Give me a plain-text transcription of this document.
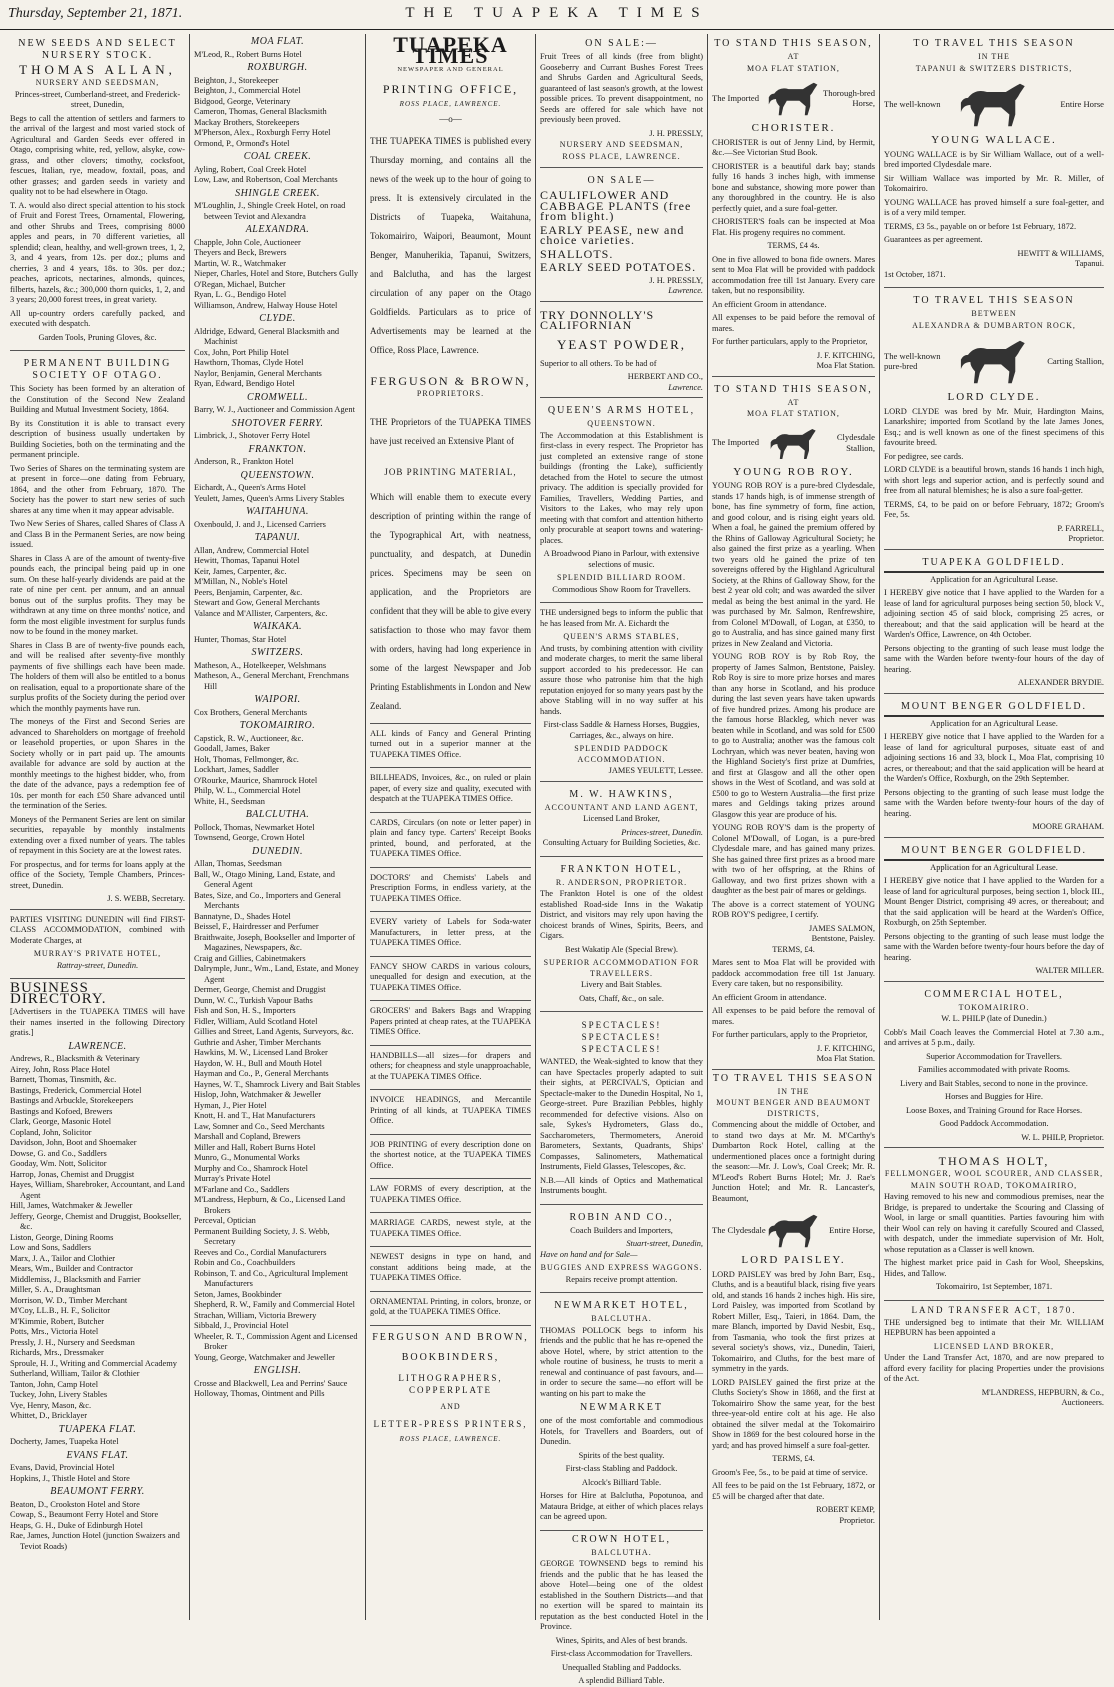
Thursday, September 21, 1871.	THE TUAPEKA TIMES
NEW SEEDS AND SELECT NURSERY STOCK.
THOMAS ALLAN,
NURSERY AND SEEDSMAN,

Princes-street, Cumberland-street, and Frederick-street, Dunedin,

Begs to call the attention of settlers and farmers to the arrival of the largest and most varied stock of Agricultural and Garden Seeds ever offered in Otago, comprising white, red, yellow, alsyke, cow-grass, and other clovers; timothy, cocksfoot, fescues, Italian, rye, meadow, foxtail, poas, and other grasses; and garden seeds in variety and quality not to be had elsewhere in Otago.

T. A. would also direct special attention to his stock of Fruit and Forest Trees, Ornamental, Flowering, and other Shrubs and Trees, comprising 8000 apples and pears, in 70 different varieties, all splendid; clean, healthy, and well-grown trees, 1, 2, 3, and 4 years, from 12s. per doz.; plums and cherries, 3 and 4 years, 18s. to 30s. per doz.; peaches, apricots, nectarines, almonds, quinces, filberts, hazels, &c.; 300,000 thorn quicks, 1, 2, and 3 years; 20,000 forest trees, in great variety.

All up-country orders carefully packed, and executed with despatch.

Garden Tools, Pruning Gloves, &c.

PERMANENT BUILDING SOCIETY OF OTAGO.

This Society has been formed by an alteration of the Constitution of the Second New Zealand Building and Mutual Investment Society, 1864.

By its Constitution it is able to transact every description of business usually undertaken by Building Societies, both on the terminating and the permanent principle.

Two Series of Shares on the terminating system are at present in force—one dating from February, 1864, and the other from February, 1870. The Society has the power to start new series of such shares at any time when it may appear advisable.

Two New Series of Shares, called Shares of Class A and Class B in the Permanent Series, are now being issued.

Shares in Class A are of the amount of twenty-five pounds each, the principal being paid up in one sum. On these half-yearly dividends are paid at the rate of nine per cent. per annum, and an annual bonus out of the surplus profits. They may be withdrawn at any time on three months' notice, and form the most eligible investment for surplus funds now to be found in the money market.

Shares in Class B are of twenty-five pounds each, and will be realised after seventy-five monthly payments of five shillings each have been made. The holders of them will also be entitled to a bonus on realisation, equal to a proportionate share of the surplus profits of the Society during the period over which the monthly payments have run.

The moneys of the First and Second Series are advanced to Shareholders on mortgage of freehold or leasehold properties, or upon Shares in the Society wholly or in part paid up. The amounts available for advance are sold by auction at the monthly meetings to the highest bidder, who, from the date of the advance, pays a redemption fee of 10s. per month for each £50 Share advanced until the termination of the Series.

Moneys of the Permanent Series are lent on similar securities, repayable by monthly instalments extending over a fixed number of years. The tables of repayment in this Society are at the lowest rates.

For prospectus, and for terms for loans apply at the office of the Society, Temple Chambers, Princes-street, Dunedin.

J. S. WEBB, Secretary.

PARTIES VISITING DUNEDIN will find FIRST-CLASS ACCOMMODATION, combined with Moderate Charges, at

MURRAY'S PRIVATE HOTEL,

Rattray-street, Dunedin.

BUSINESS DIRECTORY.

[Advertisers in the TUAPEKA TIMES will have their names inserted in the following Directory gratis.]

LAWRENCE.

Andrews, R., Blacksmith & Veterinary

Airey, John, Ross Place Hotel

Barnett, Thomas, Tinsmith, &c.

Bastings, Frederick, Commercial Hotel

Bastings and Arbuckle, Storekeepers

Bastings and Kofoed, Brewers

Clark, George, Masonic Hotel

Copland, John, Solicitor

Davidson, John, Boot and Shoemaker

Dowse, G. and Co., Saddlers

Gooday, Wm. Nott, Solicitor

Harrop, Jonas, Chemist and Druggist

Hayes, William, Sharebroker, Accountant, and Land Agent

Hill, James, Watchmaker & Jeweller

Jeffery, George, Chemist and Druggist, Bookseller, &c.

Liston, George, Dining Rooms

Low and Sons, Saddlers

Marx, J. A., Tailor and Clothier

Mears, Wm., Builder and Contractor

Middlemiss, J., Blacksmith and Farrier

Miller, S. A., Draughtsman

Morrison, W. D., Timber Merchant

M'Coy, LL.B., H. F., Solicitor

M'Kimmie, Robert, Butcher

Potts, Mrs., Victoria Hotel

Pressly, J. H., Nursery and Seedsman

Richards, Mrs., Dressmaker

Sproule, H. J., Writing and Commercial Academy

Sutherland, William, Tailor & Clothier

Tanton, John, Camp Hotel

Tuckey, John, Livery Stables

Vye, Henry, Mason, &c.

Whittet, D., Bricklayer

TUAPEKA FLAT.

Docherty, James, Tuapeka Hotel

EVANS FLAT.

Evans, David, Provincial Hotel

Hopkins, J., Thistle Hotel and Store

BEAUMONT FERRY.

Beaton, D., Crookston Hotel and Store

Cowap, S., Beaumont Ferry Hotel and Store

Heaps, G. H., Duke of Edinburgh Hotel

Rae, James, Junction Hotel (junction Swaizers and Teviot Roads)

MOA FLAT.

M'Leod, R., Robert Burns Hotel

ROXBURGH.

Beighton, J., Storekeeper

Beighton, J., Commercial Hotel

Bidgood, George, Veterinary

Cameron, Thomas, General Blacksmith

Mackay Brothers, Storekeepers

M'Pherson, Alex., Roxburgh Ferry Hotel

Ormond, P., Ormond's Hotel

COAL CREEK.

Ayling, Robert, Coal Creek Hotel

Low, Law, and Robertson, Coal Merchants

SHINGLE CREEK.

M'Loughlin, J., Shingle Creek Hotel, on road between Teviot and Alexandra

ALEXANDRA.

Chapple, John Cole, Auctioneer

Theyers and Beck, Brewers

Martin, W. R., Watchmaker

Nieper, Charles, Hotel and Store, Butchers Gully

O'Regan, Michael, Butcher

Ryan, L. G., Bendigo Hotel

Williamson, Andrew, Halway House Hotel

CLYDE.

Aldridge, Edward, General Blacksmith and Machinist

Cox, John, Port Philip Hotel

Hawthorn, Thomas, Clyde Hotel

Naylor, Benjamin, General Merchants

Ryan, Edward, Bendigo Hotel

CROMWELL.

Barry, W. J., Auctioneer and Commission Agent

SHOTOVER FERRY.

Limbrick, J., Shotover Ferry Hotel

FRANKTON.

Anderson, R., Frankton Hotel

QUEENSTOWN.

Eichardt, A., Queen's Arms Hotel

Yeulett, James, Queen's Arms Livery Stables

WAITAHUNA.

Oxenbould, J. and J., Licensed Carriers

TAPANUI.

Allan, Andrew, Commercial Hotel

Hewitt, Thomas, Tapanui Hotel

Keir, James, Carpenter, &c.

M'Millan, N., Noble's Hotel

Peers, Benjamin, Carpenter, &c.

Stewart and Gow, General Merchants

Valance and M'Allister, Carpenters, &c.

WAIKAKA.

Hunter, Thomas, Star Hotel

SWITZERS.

Matheson, A., Hotelkeeper, Welshmans

Matheson, A., General Merchant, Frenchmans Hill

WAIPORI.

Cox Brothers, General Merchants

TOKOMAIRIRO.

Capstick, R. W., Auctioneer, &c.

Goodall, James, Baker

Holt, Thomas, Fellmonger, &c.

Lockhart, James, Saddler

O'Rourke, Maurice, Shamrock Hotel

Philp, W. L., Commercial Hotel

White, H., Seedsman

BALCLUTHA.

Pollock, Thomas, Newmarket Hotel

Townsend, George, Crown Hotel

DUNEDIN.

Allan, Thomas, Seedsman

Ball, W., Otago Mining, Land, Estate, and General Agent

Bates, Size, and Co., Importers and General Merchants

Bannatyne, D., Shades Hotel

Beissel, F., Hairdresser and Perfumer

Braithwaite, Joseph, Bookseller and Importer of Magazines, Newspapers, &c.

Craig and Gillies, Cabinetmakers

Dalrymple, Junr., Wm., Land, Estate, and Money Agent

Dermer, George, Chemist and Druggist

Dunn, W. C., Turkish Vapour Baths

Fish and Son, H. S., Importers

Fidler, William, Auld Scotland Hotel

Gillies and Street, Land Agents, Surveyors, &c.

Guthrie and Asher, Timber Merchants

Hawkins, M. W., Licensed Land Broker

Haydon, W. H., Bull and Mouth Hotel

Hayman and Co., P., General Merchants

Haynes, W. T., Shamrock Livery and Bait Stables

Hislop, John, Watchmaker & Jeweller

Hyman, J., Pier Hotel

Knott, H. and T., Hat Manufacturers

Law, Somner and Co., Seed Merchants

Marshall and Copland, Brewers

Miller and Hall, Robert Burns Hotel

Munro, G., Monumental Works

Murphy and Co., Shamrock Hotel

Murray's Private Hotel

M'Farlane and Co., Saddlers

M'Landress, Hepburn, & Co., Licensed Land Brokers

Perceval, Optician

Permanent Building Society, J. S. Webb, Secretary

Reeves and Co., Cordial Manufacturers

Robin and Co., Coachbuilders

Robinson, T. and Co., Agricultural Implement Manufacturers

Seton, James, Bookbinder

Shepherd, R. W., Family and Commercial Hotel

Strachan, William, Victoria Brewery

Sibbald, J., Provincial Hotel

Wheeler, R. T., Commission Agent and Licensed Broker

Young, George, Watchmaker and Jeweller

ENGLISH.

Crosse and Blackwell, Lea and Perrins' Sauce

Holloway, Thomas, Ointment and Pills

TUAPEKA TIMES
NEWSPAPER AND GENERAL
PRINTING OFFICE,
ROSS PLACE, LAWRENCE.
—o—

THE TUAPEKA TIMES is published every Thursday morning, and contains all the news of the week up to the hour of going to press. It is extensively circulated in the Districts of Tuapeka, Waitahuna, Tokomairiro, Waipori, Beaumont, Mount Benger, Manuherikia, Tapanui, Switzers, and Balclutha, and has the largest circulation of any paper on the Otago Goldfields. Particulars as to price of Advertisements may be learned at the Office, Ross Place, Lawrence.

FERGUSON & BROWN,
PROPRIETORS.

THE Proprietors of the TUAPEKA TIMES have just received an Extensive Plant of

JOB PRINTING MATERIAL,

Which will enable them to execute every description of printing within the range of the Typographical Art, with neatness, punctuality, and despatch, at Dunedin prices. Specimens may be seen on application, and the Proprietors are confident that they will be able to give every satisfaction to those who may favor them with orders, having had long experience in some of the largest Newspaper and Job Printing Establishments in London and New Zealand.

ALL kinds of Fancy and General Printing turned out in a superior manner at the TUAPEKA TIMES Office.

BILLHEADS, Invoices, &c., on ruled or plain paper, of every size and quality, executed with despatch at the TUAPEKA TIMES Office.

CARDS, Circulars (on note or letter paper) in plain and fancy type. Carters' Receipt Books printed, bound, and perforated, at the TUAPEKA TIMES Office.

DOCTORS' and Chemists' Labels and Prescription Forms, in endless variety, at the TUAPEKA TIMES Office.

EVERY variety of Labels for Soda-water Manufacturers, in letter press, at the TUAPEKA TIMES Office.

FANCY SHOW CARDS in various colours, unequalled for design and execution, at the TUAPEKA TIMES Office.

GROCERS' and Bakers Bags and Wrapping Papers printed at cheap rates, at the TUAPEKA TIMES Office.

HANDBILLS—all sizes—for drapers and others; for cheapness and style unapproachable, at the TUAPEKA TIMES Office.

INVOICE HEADINGS, and Mercantile Printing of all kinds, at TUAPEKA TIMES Office.

JOB PRINTING of every description done on the shortest notice, at the TUAPEKA TIMES Office.

LAW FORMS of every description, at the TUAPEKA TIMES Office.

MARRIAGE CARDS, newest style, at the TUAPEKA TIMES Office.

NEWEST designs in type on hand, and constant additions being made, at the TUAPEKA TIMES Office.

ORNAMENTAL Printing, in colors, bronze, or gold, at the TUAPEKA TIMES Office.

FERGUSON AND BROWN,
BOOKBINDERS,
LITHOGRAPHERS, COPPERPLATE
AND
LETTER-PRESS PRINTERS,
ROSS PLACE, LAWRENCE.
ON SALE:—

Fruit Trees of all kinds (free from blight) Gooseberry and Currant Bushes Forest Trees and Shrubs Garden and Agricultural Seeds, guaranteed of last season's growth, at the lowest possible prices. To prevent disappointment, no Seeds are offered for sale which have not previously been proved.

J. H. PRESSLY,
NURSERY AND SEEDSMAN,
ROSS PLACE, LAWRENCE.
ON SALE—
CAULIFLOWER AND CABBAGE PLANTS (free from blight.)
EARLY PEASE, new and choice varieties.
SHALLOTS.
EARLY SEED POTATOES.
J. H. PRESSLY,
Lawrence.
TRY DONNOLLY'S CALIFORNIAN
YEAST POWDER,

Superior to all others. To be had of

HERBERT AND CO.,
Lawrence.
QUEEN'S ARMS HOTEL,
QUEENSTOWN.

The Accommodation at this Establishment is first-class in every respect. The Proprietor has just completed an extensive range of stone buildings (fronting the Lake), sufficiently detached from the Hotel to secure the utmost privacy. The addition is specially provided for Families, Travellers, Wedding Parties, and Visitors to the Lakes, who may rely upon meeting with that comfort and attention hitherto only procurable at seaport towns and watering-places.

A Broadwood Piano in Parlour, with extensive selections of music.

SPLENDID BILLIARD ROOM.

Commodious Show Room for Travellers.

THE undersigned begs to inform the public that he has leased from Mr. A. Eichardt the

QUEEN'S ARMS STABLES,

And trusts, by combining attention with civility and moderate charges, to merit the same liberal support accorded to his predecessor. He can assure those who patronise him that the high reputation enjoyed for so many years past by the above Stabling will in no way suffer at his hands.

First-class Saddle & Harness Horses, Buggies, Carriages, &c., always on hire.

SPLENDID PADDOCK ACCOMMODATION.
JAMES YEULETT, Lessee.
M. W. HAWKINS,
ACCOUNTANT AND LAND AGENT,

Licensed Land Broker,

Princes-street, Dunedin.

Consulting Actuary for Building Societies, &c.

FRANKTON HOTEL,
R. ANDERSON, PROPRIETOR.

The Frankton Hotel is one of the oldest established Road-side Inns in the Wakatip District, and visitors may rely upon having the choicest brands of Wines, Spirits, Beers, and Cigars.

Best Wakatip Ale (Special Brew).

SUPERIOR ACCOMMODATION FOR TRAVELLERS.

Livery and Bait Stables.

Oats, Chaff, &c., on sale.

SPECTACLES! SPECTACLES! SPECTACLES!

WANTED, the Weak-sighted to know that they can have Spectacles properly adapted to suit their sights, at PERCIVAL'S, Optician and Spectacle-maker to the Dunedin Hospital, No 1, George-street. Pure Brazilian Pebbles, highly recommended for defective visions. Also on sale, Sykes's Hydrometers, Glass do., Saccharometers, Thermometers, Aneroid Barometers, Sextants, Quadrants, Ships' Compasses, Salinometers, Mathematical Instruments, Field Glasses, Telescopes, &c.

N.B.—All kinds of Optics and Mathematical Instruments bought.

ROBIN AND CO.,

Coach Builders and Importers,

Stuart-street, Dunedin,

Have on hand and for Sale—

BUGGIES AND EXPRESS WAGGONS.

Repairs receive prompt attention.

NEWMARKET HOTEL,
BALCLUTHA.

THOMAS POLLOCK begs to inform his friends and the public that he has re-opened the above Hotel, where, by strict attention to the whole routine of business, he trusts to merit a renewal and continuance of past favours, and—in order to secure the same—no effort will be wanting on his part to make the

NEWMARKET

one of the most comfortable and commodious Hotels, for Travellers and Boarders, out of Dunedin.

Spirits of the best quality.

First-class Stabling and Paddock.

Alcock's Billiard Table.

Horses for Hire at Balclutha, Popotunoa, and Mataura Bridge, at either of which places relays can be agreed upon.

CROWN HOTEL,
BALCLUTHA.

GEORGE TOWNSEND begs to remind his friends and the public that he has leased the above Hotel—being one of the oldest established in the Southern Districts—and that no exertion will be spared to maintain its reputation as the best conducted Hotel in the Province.

Wines, Spirits, and Ales of best brands.

First-class Accommodation for Travellers.

Unequalled Stabling and Paddocks.

A splendid Billiard Table.

TO STAND THIS SEASON,
AT
MOA FLAT STATION,
The Imported
Thorough-bred Horse,
CHORISTER.

CHORISTER is out of Jenny Lind, by Hermit, &c.—See Victorian Stud Book.

CHORISTER is a beautiful dark bay; stands fully 16 hands 3 inches high, with immense bone and substance, showing more power than any thoroughbred in the country. He is also perfectly quiet, and a sure foal-getter.

CHORISTER'S foals can be inspected at Moa Flat. His progeny requires no comment.

TERMS, £4 4s.

One in five allowed to bona fide owners. Mares sent to Moa Flat will be provided with paddock accommodation free till 1st January. Every care taken, but no responsibility.

An efficient Groom in attendance.

All expenses to be paid before the removal of mares.

For further particulars, apply to the Proprietor,

J. F. KITCHING,
Moa Flat Station.
TO STAND THIS SEASON,
AT
MOA FLAT STATION,
The Imported
Clydesdale Stallion,
YOUNG ROB ROY.

YOUNG ROB ROY is a pure-bred Clydesdale, stands 17 hands high, is of immense strength of bone, has fine symmetry of form, fine action, and good colour, and is rising eight years old. When a foal, he gained the premium offered by the Rhins of Galloway Agricultural Society; he also gained the first prize as a yearling. When two years old he gained the prize of ten sovereigns offered by the Highland Agricultural Society, at the Rhins of Galloway Show, for the best 2 year old colt; and was awarded the silver medal as being the best animal in the yard. He was purchased by Mr. Salmon, Renfrewshire, from Colonel M'Dowall, of Logan, at £350, to go to Australia, and has since gained many first prizes in New Zealand and Victoria.

YOUNG ROB ROY is by Rob Roy, the property of James Salmon, Bentstone, Paisley. Rob Roy is sire to more prize horses and mares than any horse in Scotland, and his produce during the last seven years have taken upwards of five hundred prizes. Among his produce are the famous horse Blackleg, which never was beaten while in Scotland, and was sold for £500 to go to Australia; another was the famous colt Lochryan, which was never beaten, having won the Highland Society's first prize at Dumfries, and first at Glasgow and all the other open shows in the West of Scotland, and was sold at £500 to go to Western Australia—the first prize mares and Geldings taking prizes around Glasgow this year are produce of his.

YOUNG ROB ROY'S dam is the property of Colonel M'Dowall, of Logan, is a pure-bred Clydesdale mare, and has gained many prizes. She has gained three first prizes as a brood mare with two of her offspring, at the Rhins of Galloway, and two first prizes shown with a daughter as the best pair of mares or geldings.

The above is a correct statement of YOUNG ROB ROY'S pedigree, I certify.

JAMES SALMON,
Bentstone, Paisley.

TERMS, £4.

Mares sent to Moa Flat will be provided with paddock accommodation free till 1st January. Every care taken, but no responsibility.

An efficient Groom in attendance.

All expenses to be paid before the removal of mares.

For further particulars, apply to the Proprietor,

J. F. KITCHING,
Moa Flat Station.
TO TRAVEL THIS SEASON
IN THE
MOUNT BENGER AND BEAUMONT DISTRICTS,

Commencing about the middle of October, and to stand two days at Mr. M. M'Carthy's Dumbarton Rock Hotel, calling at the undermentioned places once a fortnight during the season:—Mr. J. Low's, Coal Creek; Mr. R. M'Leod's Robert Burns Hotel; Mr. J. Rae's Junction Hotel; and Mr. R. Lancaster's, Beaumont,

The Clydesdale	Entire Horse,
LORD PAISLEY.

LORD PAISLEY was bred by John Barr, Esq., Cluths, and is a beautiful black, rising five years old, and stands 16 hands 2 inches high. His sire, Lord Paisley, was imported from Scotland by Robert Miller, Esq., Taieri, in 1864. Dam, the mare Blanch, imported by David Nesbit, Esq., from Tasmania, who took the first prizes at several society's shows, viz., Dunedin, Taieri, Tokomairiro, and Cluths, for the best mare of symmetry in the yards.

LORD PAISLEY gained the first prize at the Cluths Society's Show in 1868, and the first at Tokomairiro Show the same year, for the best three-year-old entire colt at his age. He also obtained the silver medal at the Tokomairiro Show in 1869 for the best coloured horse in the yard; and has proved himself a sure foal-getter.

TERMS, £4.

Groom's Fee, 5s., to be paid at time of service.

All fees to be paid on the 1st February, 1872, or £5 will be charged after that date.

ROBERT KEMP,
Proprietor.
TO TRAVEL THIS SEASON
IN THE
TAPANUI & SWITZERS DISTRICTS,
The well-known	Entire Horse
YOUNG WALLACE.

YOUNG WALLACE is by Sir William Wallace, out of a well-bred imported Clydesdale mare.

Sir William Wallace was imported by Mr. R. Miller, of Tokomairiro.

YOUNG WALLACE has proved himself a sure foal-getter, and is of a very mild temper.

TERMS, £3 5s., payable on or before 1st February, 1872.

Guarantees as per agreement.

HEWITT & WILLIAMS,
Tapanui.

1st October, 1871.

TO TRAVEL THIS SEASON
BETWEEN
ALEXANDRA & DUMBARTON ROCK,
The well-known pure-bred
Carting Stallion,
LORD CLYDE.

LORD CLYDE was bred by Mr. Muir, Hardington Mains, Lanarkshire; imported from Scotland by the late James Jones, Esq.; and is well known as one of the finest specimens of this favourite breed.

For pedigree, see cards.

LORD CLYDE is a beautiful brown, stands 16 hands 1 inch high, with short legs and superior action, and is perfectly sound and free from all natural blemishes; he is also a sure foal-getter.

TERMS, £4, to be paid on or before February, 1872; Groom's Fee, 5s.

P. FARRELL,
Proprietor.
TUAPEKA GOLDFIELD.

Application for an Agricultural Lease.

I HEREBY give notice that I have applied to the Warden for a lease of land for agricultural purposes being section 50, block V., adjoining section 45 of said block, comprising 25 acres, or thereabout; and that the said application will be heard at the Warden's Office, Lawrence, on 4th October.

Persons objecting to the granting of such lease must lodge the same with the Warden before twenty-four hours of the day of hearing.

ALEXANDER BRYDIE.
MOUNT BENGER GOLDFIELD.

Application for an Agricultural Lease.

I HEREBY give notice that I have applied to the Warden for a lease of land for agricultural purposes, situate east of and adjoining sections 16 and 33, block I., Moa Flat, comprising 10 acres, or thereabout; and that the said application will be heard at the Warden's Office, Roxburgh, on the 29th September.

Persons objecting to the granting of such lease must lodge the same with the Warden before twenty-four hours of the day of hearing.

MOORE GRAHAM.
MOUNT BENGER GOLDFIELD.

Application for an Agricultural Lease.

I HEREBY give notice that I have applied to the Warden for a lease of land for agricultural purposes, being section 1, block III., Mount Benger District, comprising 49 acres, or thereabout; and that the said application will be heard at the Warden's Office, Roxburgh, on 25th September.

Persons objecting to the granting of such lease must lodge the same with the Warden before twenty-four hours before the day of hearing.

WALTER MILLER.
COMMERCIAL HOTEL,
TOKOMAIRIRO.

W. L. PHILP (late of Dunedin.)

Cobb's Mail Coach leaves the Commercial Hotel at 7.30 a.m., and arrives at 5 p.m., daily.

Superior Accommodation for Travellers.

Families accommodated with private Rooms.

Livery and Bait Stables, second to none in the province.

Horses and Buggies for Hire.

Loose Boxes, and Training Ground for Race Horses.

Good Paddock Accommodation.

W. L. PHILP, Proprietor.
THOMAS HOLT,
FELLMONGER, WOOL SCOURER, AND CLASSER,
MAIN SOUTH ROAD, TOKOMAIRIRO,

Having removed to his new and commodious premises, near the Bridge, is prepared to undertake the Scouring and Classing of Wool, in large or small quantities. Parties favouring him with their Wool can rely on having it carefully Scoured and Classed, with despatch, under the immediate supervision of Mr. Holt, whose reputation as a Classer is well known.

The highest market price paid in Cash for Wool, Sheepskins, Hides, and Tallow.

Tokomairiro, 1st September, 1871.

LAND TRANSFER ACT, 1870.

THE undersigned beg to intimate that their Mr. WILLIAM HEPBURN has been appointed a

LICENSED LAND BROKER,

Under the Land Transfer Act, 1870, and are now prepared to afford every facility for placing Properties under the provisions of the Act.

M'LANDRESS, HEPBURN, & Co.,
Auctioneers.
